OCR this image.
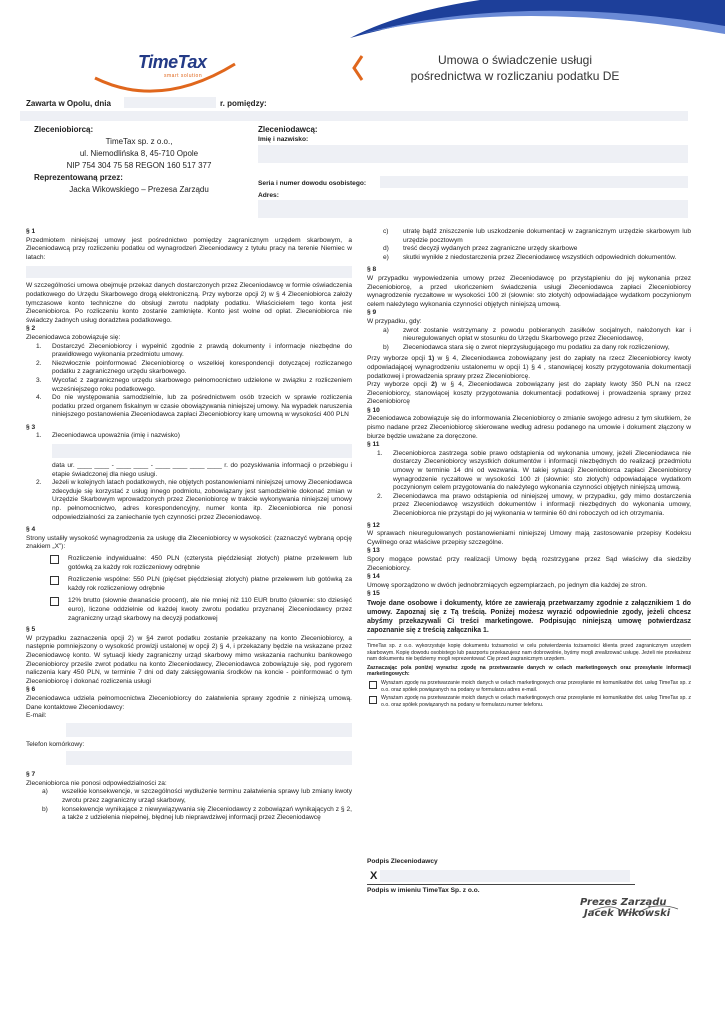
TimeTax
smart solution
Umowa o świadczenie usługi
pośrednictwa w rozliczaniu podatku DE
Zawarta w Opolu, dnia	r. pomiędzy:
Zleceniobiorcą:
TimeTax sp. z o.o.,
ul. Niemodlińska 8, 45-710 Opole
NIP 754 304 75 58 REGON 160 517 377
Reprezentowaną przez:
Jacka Wikowskiego – Prezesa Zarządu
Zleceniodawcą:
Imię i nazwisko:
Seria i numer dowodu osobistego:
Adres:
§ 1

Przedmiotem niniejszej umowy jest pośrednictwo pomiędzy zagranicznym urzędem skarbowym, a Zleceniodawcą przy rozliczeniu podatku od wynagrodzeń Zleceniodawcy z tytułu pracy na terenie Niemiec w latach:

W szczególności umowa obejmuje przekaz danych dostarczonych przez Zleceniodawcę w formie oświadczenia podatkowego do Urzędu Skarbowego drogą elektroniczną. Przy wyborze opcji 2) w § 4 Zleceniobiorca założy tymczasowe konto techniczne do obsługi zwrotu nadpłaty podatku. Właścicielem tego konta jest Zleceniobiorca. Po rozliczeniu konto zostanie zamknięte. Konto jest wolne od opłat. Zleceniobiorca nie świadczy żadnych usług doradztwa podatkowego.

§ 2

Zleceniodawca zobowiązuje się:

1. Dostarczyć Zleceniobiorcy i wypełnić zgodnie z prawdą dokumenty i informacje niezbędne do prawidłowego wykonania przedmiotu umowy.
2. Niezwłocznie poinformować Zleceniobiorcę o wszelkiej korespondencji dotyczącej rozliczanego podatku z zagranicznego urzędu skarbowego.
3. Wycofać z zagranicznego urzędu skarbowego pełnomocnictwo udzielone w związku z rozliczeniem wcześniejszego roku podatkowego.
4. Do nie występowania samodzielnie, lub za pośrednictwem osób trzecich w sprawie rozliczenia podatku przed organem fiskalnym w czasie obowiązywania niniejszej umowy. Na wypadek naruszenia niniejszego postanowienia Zleceniodawca zapłaci Zleceniobiorcy karę umowną w wysokości 400 PLN
§ 3
1. Zleceniodawca upoważnia (imię i nazwisko)

data ur. ____ ____ - ____ ____ - ____ ____ ____ ____ r. do pozyskiwania informacji o przebiegu i etapie świadczonej dla niego usługi.

2. Jeżeli w kolejnych latach podatkowych, nie objętych postanowieniami niniejszej umowy Zleceniodawca zdecyduje się korzystać z usług innego podmiotu, zobowiązany jest samodzielnie dokonać zmian w Urzędzie Skarbowym wprowadzonych przez Zleceniobiorcę w trakcie wykonywania niniejszej umowy np. pełnomocnictwo, adres korespondencyjny, numer konta itp. Zleceniobiorca nie ponosi odpowiedzialności za zaniechanie tych czynności przez Zleceniodawcę.
§ 4

Strony ustaliły wysokość wynagrodzenia za usługę dla Zleceniobiorcy w wysokości: (zaznaczyć wybraną opcję znakiem „X”):

Rozliczenie indywidualne: 450 PLN (czterysta pięćdziesiąt złotych) płatne przelewem lub gotówką za każdy rok rozliczeniowy odrębnie
Rozliczenie wspólne: 550 PLN (pięćset pięćdziesiąt złotych) płatne przelewem lub gotówką za każdy rok rozliczeniowy odrębnie
12% brutto (słownie dwanaście procent), ale nie mniej niż 110 EUR brutto (słownie: sto dziesięć euro), liczone oddzielnie od każdej kwoty zwrotu podatku przyznanej Zleceniodawcy przez zagraniczny urząd skarbowy na decyzji podatkowej
§ 5

W przypadku zaznaczenia opcji 2) w §4 zwrot podatku zostanie przekazany na konto Zleceniobiorcy, a następnie pomniejszony o wysokość prowizji ustalonej w opcji 2) § 4, i przekazany będzie na wskazane przez Zleceniodawcę konto. W sytuacji kiedy zagraniczny urząd skarbowy mimo wskazania rachunku bankowego Zleceniobiorcy prześle zwrot podatku na konto Zleceniodawcy, Zleceniodawca zobowiązuje się, pod rygorem naliczenia kary 450 PLN, w terminie 7 dni od daty zaksięgowania środków na koncie - poinformować o tym Zleceniobiorcę i dokonać rozliczenia usługi

§ 6

Zleceniodawca udziela pełnomocnictwa Zleceniobiorcy do załatwienia sprawy zgodnie z niniejszą umową. Dane kontaktowe Zleceniodawcy:

E-mail:

Telefon komórkowy:

§ 7

Zleceniobiorca nie ponosi odpowiedzialności za:

a) wszelkie konsekwencje, w szczególności wydłużenie terminu załatwienia sprawy lub zmiany kwoty zwrotu przez zagraniczny urząd skarbowy,
b) konsekwencje wynikające z niewywiązywania się Zleceniodawcy z zobowiązań wynikających z § 2, a także z udzielenia niepełnej, błędnej lub nieprawdziwej informacji przez Zleceniodawcę
c) utratę bądź zniszczenie lub uszkodzenie dokumentacji w zagranicznym urzędzie skarbowym lub urzędzie pocztowym
d) treść decyzji wydanych przez zagraniczne urzędy skarbowe
e) skutki wynikłe z niedostarczenia przez Zleceniodawcę wszystkich odpowiednich dokumentów.
§ 8

W przypadku wypowiedzenia umowy przez Zleceniodawcę po przystąpieniu do jej wykonania przez Zleceniobiorcę, a przed ukończeniem świadczenia usługi Zleceniodawca zapłaci Zleceniobiorcy wynagrodzenie ryczałtowe w wysokości 100 zł (słownie: sto złotych) odpowiadające wydatkom poczynionym celem należytego wykonania czynności objętych niniejszą umową.

§ 9

W przypadku, gdy:

a) zwrot zostanie wstrzymany z powodu pobieranych zasiłków socjalnych, nałożonych kar i nieuregulowanych opłat w stosunku do Urzędu Skarbowego przez Zleceniodawcę,
b) Zleceniodawca stara się o zwrot nieprzysługującego mu podatku za dany rok rozliczeniowy,

Przy wyborze opcji 1) w § 4, Zleceniodawca zobowiązany jest do zapłaty na rzecz Zleceniobiorcy kwoty odpowiadającej wynagrodzeniu ustalonemu w opcji 1) § 4 , stanowiącej koszty przygotowania dokumentacji podatkowej i prowadzenia sprawy przez Zleceniobiorcę.

Przy wyborze opcji 2) w § 4, Zleceniodawca zobowiązany jest do zapłaty kwoty 350 PLN na rzecz Zleceniobiorcy, stanowiącej koszty przygotowania dokumentacji podatkowej i prowadzenia sprawy przez Zleceniobiorcę

§ 10

Zleceniodawca zobowiązuje się do informowania Zleceniobiorcy o zmianie swojego adresu z tym skutkiem, że pismo nadane przez Zleceniobiorcę skierowane według adresu podanego na umowie i dokument złączony w biurze będzie uważane za doręczone.

§ 11
1. Zleceniobiorca zastrzega sobie prawo odstąpienia od wykonania umowy, jeżeli Zleceniodawca nie dostarczy Zleceniobiorcy wszystkich dokumentów i informacji niezbędnych do realizacji przedmiotu umowy w terminie 14 dni od wezwania. W takiej sytuacji Zleceniobiorca zapłaci Zleceniobiorcy wynagrodzenie ryczałtowe w wysokości 100 zł (słownie: sto złotych) odpowiadające wydatkom poczynionym celem przygotowania do należytego wykonania czynności objętych niniejszą umową.
2. Zleceniodawca ma prawo odstąpienia od niniejszej umowy, w przypadku, gdy mimo dostarczenia przez Zleceniodawcę wszystkich dokumentów i informacji niezbędnych do wykonania umowy, Zleceniobiorca nie przystąpi do jej wykonania w terminie 60 dni roboczych od ich otrzymania.
§ 12

W sprawach nieuregulowanych postanowieniami niniejszej Umowy mają zastosowanie przepisy Kodeksu Cywilnego oraz właściwe przepisy szczególne.

§ 13

Spory mogące powstać przy realizacji Umowy będą rozstrzygane przez Sąd właściwy dla siedziby Zleceniobiorcy.

§ 14

Umowę sporządzono w dwóch jednobrzmiących egzemplarzach, po jednym dla każdej ze stron.

§ 15

Twoje dane osobowe i dokumenty, które ze zawierają przetwarzamy zgodnie z załącznikiem 1 do umowy. Zapoznaj się z Tą treścią. Poniżej możesz wyrazić odpowiednie zgody, jeżeli chcesz abyśmy przekazywali Ci treści marketingowe. Podpisując niniejszą umowę potwierdzasz zapoznanie się z treścią załącznika 1.

TimeTax sp. z o.o. wykorzystuje kopię dokumentu tożsamości w celu potwierdzenia tożsamości klienta przed zagranicznym urzędem skarbowym. Kopię dowodu osobistego lub paszportu przekazujesz nam dobrowolnie, byśmy mogli zrealizować usługę. Jeżeli nie przekażesz nam dokumentu nie będziemy mogli reprezentować Cię przed zagranicznym urzędem.

Zaznaczając pola poniżej wyrazisz zgodę na przetwarzanie danych w celach marketingowych oraz przesyłanie informacji marketingowych:

Wyrażam zgodę na przetwarzanie moich danych w celach marketingowych oraz przesyłanie mi komunikatów dot. usług TimeTax sp. z o.o. oraz spółek powiązanych na podany w formularzu adres e-mail.
Wyrażam zgodę na przetwarzanie moich danych w celach marketingowych oraz przesyłanie mi komunikatów dot. usług TimeTax sp. z o.o. oraz spółek powiązanych na podany w formularzu numer telefonu.
Podpis Zleceniodawcy
X
Podpis w imieniu TimeTax Sp. z o.o.
Prezes Zarządu
Jacek Wikowski
